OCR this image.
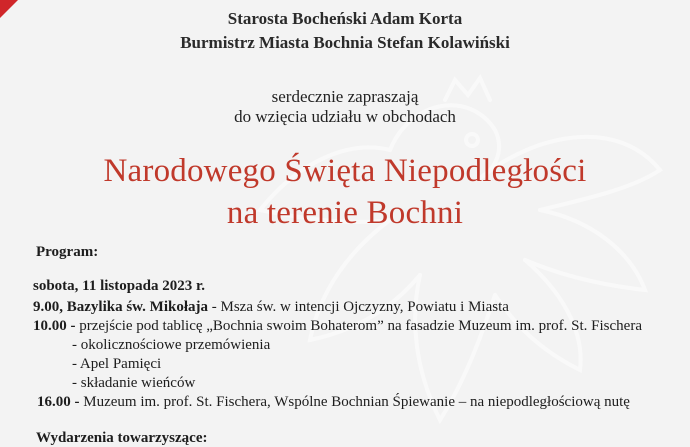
Starosta Bocheński Adam Korta
Burmistrz Miasta Bochnia Stefan Kolawiński
serdecznie zapraszają
do wzięcia udziału w obchodach
Narodowego Święta Niepodległości
na terenie Bochni
Program:
sobota, 11 listopada 2023 r.
9.00, Bazylika św. Mikołaja - Msza św. w intencji Ojczyzny, Powiatu i Miasta
10.00 - przejście pod tablicę „Bochnia swoim Bohaterom” na fasadzie Muzeum im. prof. St. Fischera
- okolicznościowe przemówienia
- Apel Pamięci
- składanie wieńców
16.00 - Muzeum im. prof. St. Fischera, Wspólne Bochnian Śpiewanie – na niepodległościową nutę
Wydarzenia towarzyszące:
